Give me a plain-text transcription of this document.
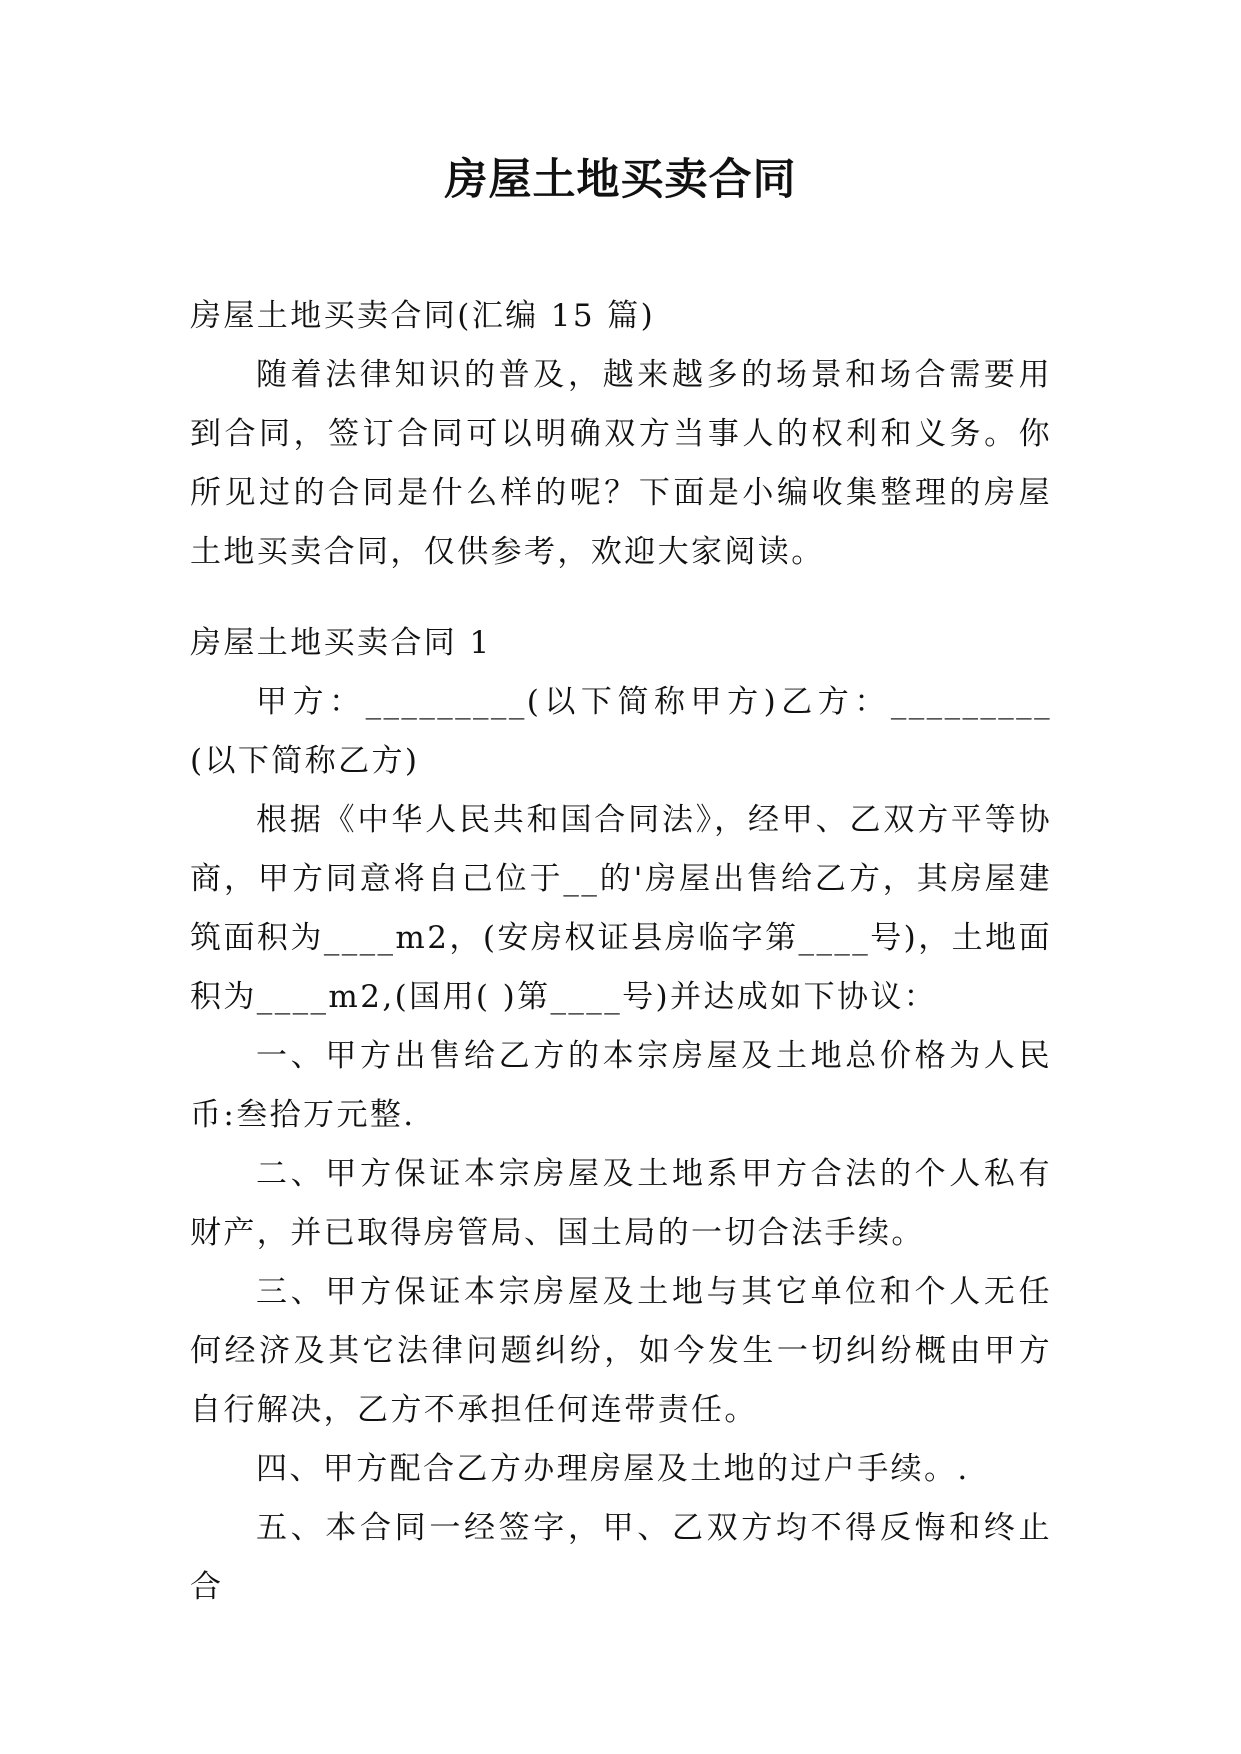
房屋土地买卖合同

房屋土地买卖合同(汇编 15 篇)

随着法律知识的普及，越来越多的场景和场合需要用到合同，签订合同可以明确双方当事人的权利和义务。你所见过的合同是什么样的呢？下面是小编收集整理的房屋土地买卖合同，仅供参考，欢迎大家阅读。

房屋土地买卖合同 1

甲方：_________(以下简称甲方)乙方：_________(以下简称乙方)

根据《中华人民共和国合同法》，经甲、乙双方平等协商，甲方同意将自己位于__的'房屋出售给乙方，其房屋建筑面积为____m2，(安房权证县房临字第____号)，土地面积为____m2,(国用( )第____号)并达成如下协议：

一、甲方出售给乙方的本宗房屋及土地总价格为人民币:叁拾万元整.

二、甲方保证本宗房屋及土地系甲方合法的个人私有财产，并已取得房管局、国土局的一切合法手续。

三、甲方保证本宗房屋及土地与其它单位和个人无任何经济及其它法律问题纠纷，如今发生一切纠纷概由甲方自行解决，乙方不承担任何连带责任。

四、甲方配合乙方办理房屋及土地的过户手续。.

五、本合同一经签字，甲、乙双方均不得反悔和终止合
